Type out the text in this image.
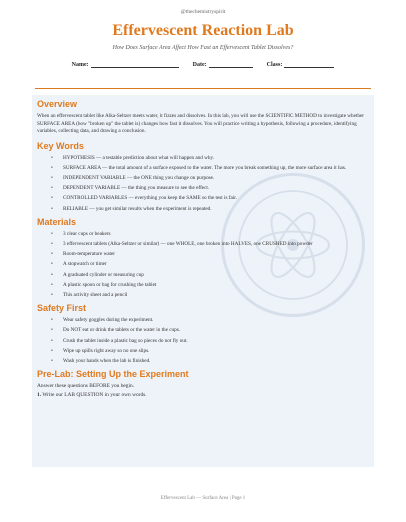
@thechemistryspirit
Effervescent Reaction Lab
How Does Surface Area Affect How Fast an Effervescent Tablet Dissolves?
Name:	Date:	Class:
Overview

When an effervescent tablet like Alka-Seltzer meets water, it fizzes and dissolves. In this lab, you will use the SCIENTIFIC METHOD to investigate whether SURFACE AREA (how "broken up" the tablet is) changes how fast it dissolves. You will practice writing a hypothesis, following a procedure, identifying variables, collecting data, and drawing a conclusion.

Key Words
• HYPOTHESIS — a testable prediction about what will happen and why.
• SURFACE AREA — the total amount of a surface exposed to the water. The more you break something up, the more surface area it has.
• INDEPENDENT VARIABLE — the ONE thing you change on purpose.
• DEPENDENT VARIABLE — the thing you measure to see the effect.
• CONTROLLED VARIABLES — everything you keep the SAME so the test is fair.
• RELIABLE — you get similar results when the experiment is repeated.
Materials
• 3 clear cups or beakers
• 3 effervescent tablets (Alka-Seltzer or similar) — one WHOLE, one broken into HALVES, one CRUSHED into powder
• Room-temperature water
• A stopwatch or timer
• A graduated cylinder or measuring cup
• A plastic spoon or bag for crushing the tablet
• This activity sheet and a pencil
Safety First
• Wear safety goggles during the experiment.
• Do NOT eat or drink the tablets or the water in the cups.
• Crush the tablet inside a plastic bag so pieces do not fly out.
• Wipe up spills right away so no one slips.
• Wash your hands when the lab is finished.
Pre-Lab: Setting Up the Experiment

Answer these questions BEFORE you begin.

1. Write our LAB QUESTION in your own words.

Effervescent Lab — Surface Area | Page 1
